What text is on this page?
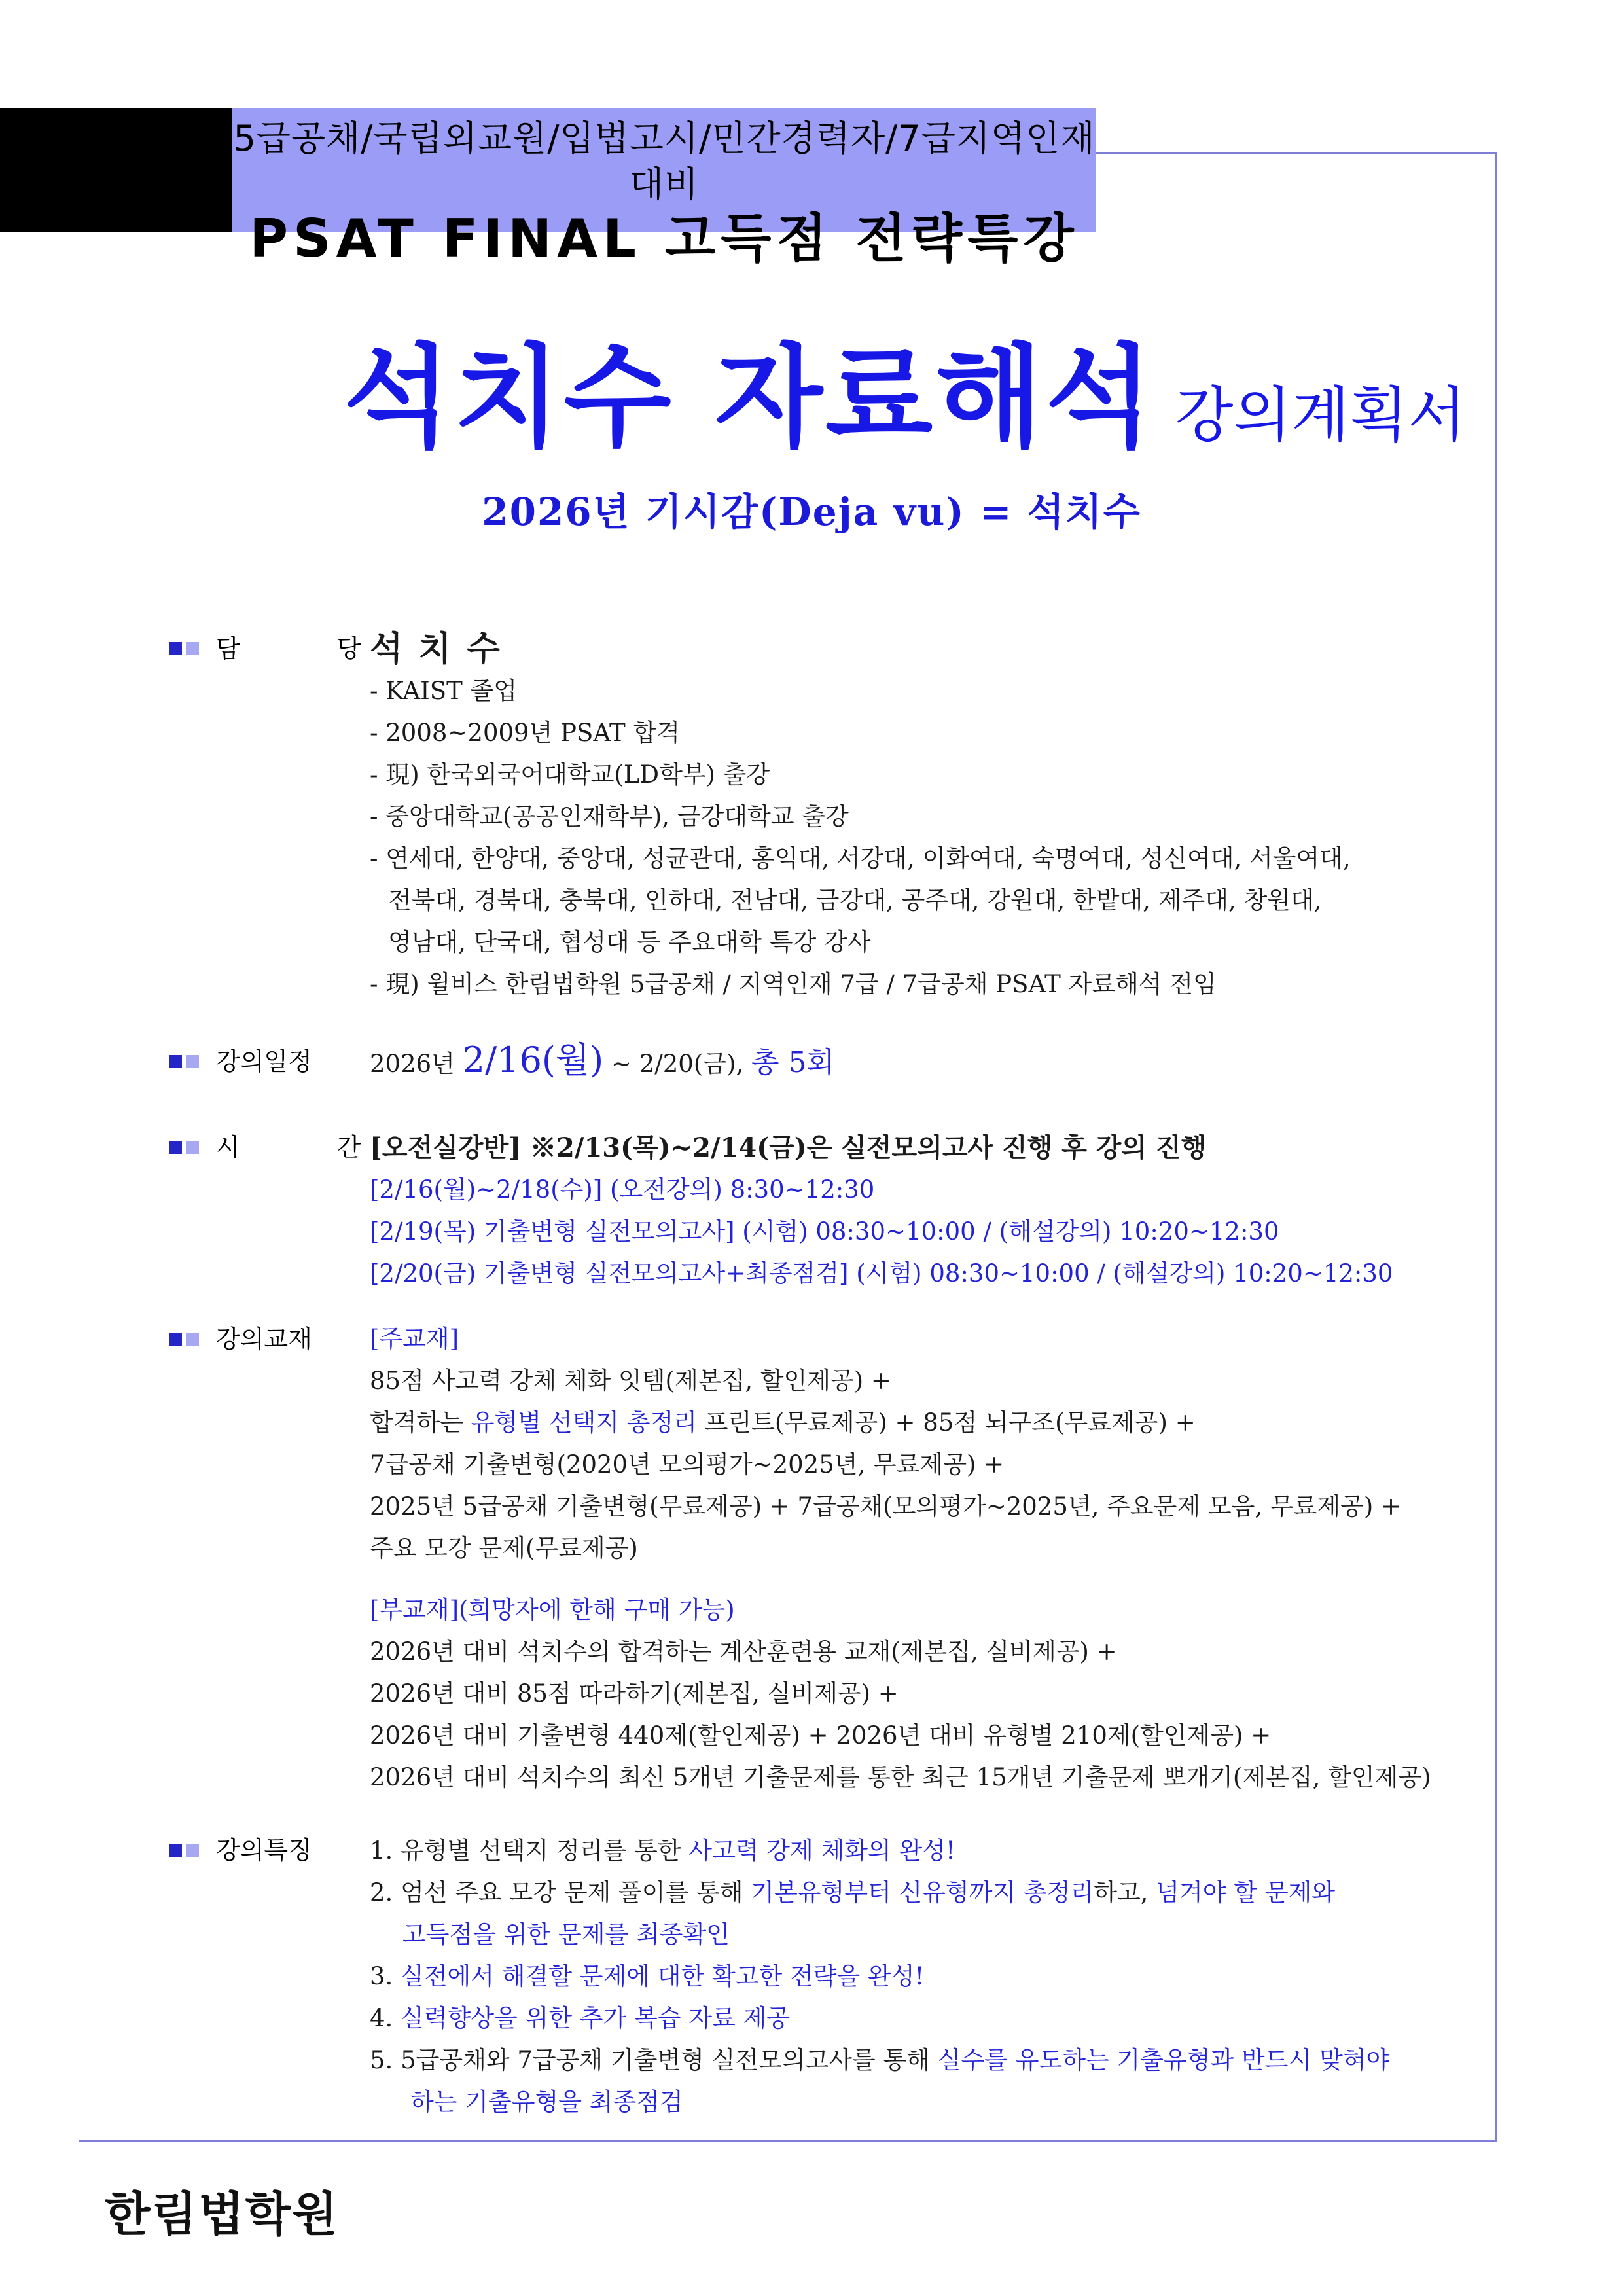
5급공채/국립외교원/입법고시/민간경력자/7급지역인재 대비
PSAT FINAL 고득점 전략특강
석치수 자료해석 강의계획서
2026년 기시감(Deja vu) = 석치수
담 당

석치수

- KAIST 졸업

- 2008~2009년 PSAT 합격

- 現) 한국외국어대학교(LD학부) 출강

- 중앙대학교(공공인재학부), 금강대학교 출강

- 연세대, 한양대, 중앙대, 성균관대, 홍익대, 서강대, 이화여대, 숙명여대, 성신여대, 서울여대,

전북대, 경북대, 충북대, 인하대, 전남대, 금강대, 공주대, 강원대, 한밭대, 제주대, 창원대,

영남대, 단국대, 협성대 등 주요대학 특강 강사

- 現) 윌비스 한림법학원 5급공채 / 지역인재 7급 / 7급공채 PSAT 자료해석 전임

강의일정 2026년 2/16(월) ~ 2/20(금), 총 5회

시 간

[오전실강반] ※2/13(목)~2/14(금)은 실전모의고사 진행 후 강의 진행

[2/16(월)~2/18(수)] (오전강의) 8:30~12:30

[2/19(목) 기출변형 실전모의고사] (시험) 08:30~10:00 / (해설강의) 10:20~12:30

[2/20(금) 기출변형 실전모의고사+최종점검] (시험) 08:30~10:00 / (해설강의) 10:20~12:30

강의교재 [주교재]

85점 사고력 강체 체화 잇템(제본집, 할인제공) +

합격하는 유형별 선택지 총정리 프린트(무료제공) + 85점 뇌구조(무료제공) +

7급공채 기출변형(2020년 모의평가~2025년, 무료제공) +

2025년 5급공채 기출변형(무료제공) + 7급공채(모의평가~2025년, 주요문제 모음, 무료제공) +

주요 모강 문제(무료제공)

[부교재](희망자에 한해 구매 가능)

2026년 대비 석치수의 합격하는 계산훈련용 교재(제본집, 실비제공) +

2026년 대비 85점 따라하기(제본집, 실비제공) +

2026년 대비 기출변형 440제(할인제공) + 2026년 대비 유형별 210제(할인제공) +

2026년 대비 석치수의 최신 5개년 기출문제를 통한 최근 15개년 기출문제 뽀개기(제본집, 할인제공)

강의특징 1. 유형별 선택지 정리를 통한 사고력 강제 체화의 완성!

2. 엄선 주요 모강 문제 풀이를 통해 기본유형부터 신유형까지 총정리하고, 넘겨야 할 문제와

고득점을 위한 문제를 최종확인

3. 실전에서 해결할 문제에 대한 확고한 전략을 완성!

4. 실력향상을 위한 추가 복습 자료 제공

5. 5급공채와 7급공채 기출변형 실전모의고사를 통해 실수를 유도하는 기출유형과 반드시 맞혀야

하는 기출유형을 최종점검

한림법학원
